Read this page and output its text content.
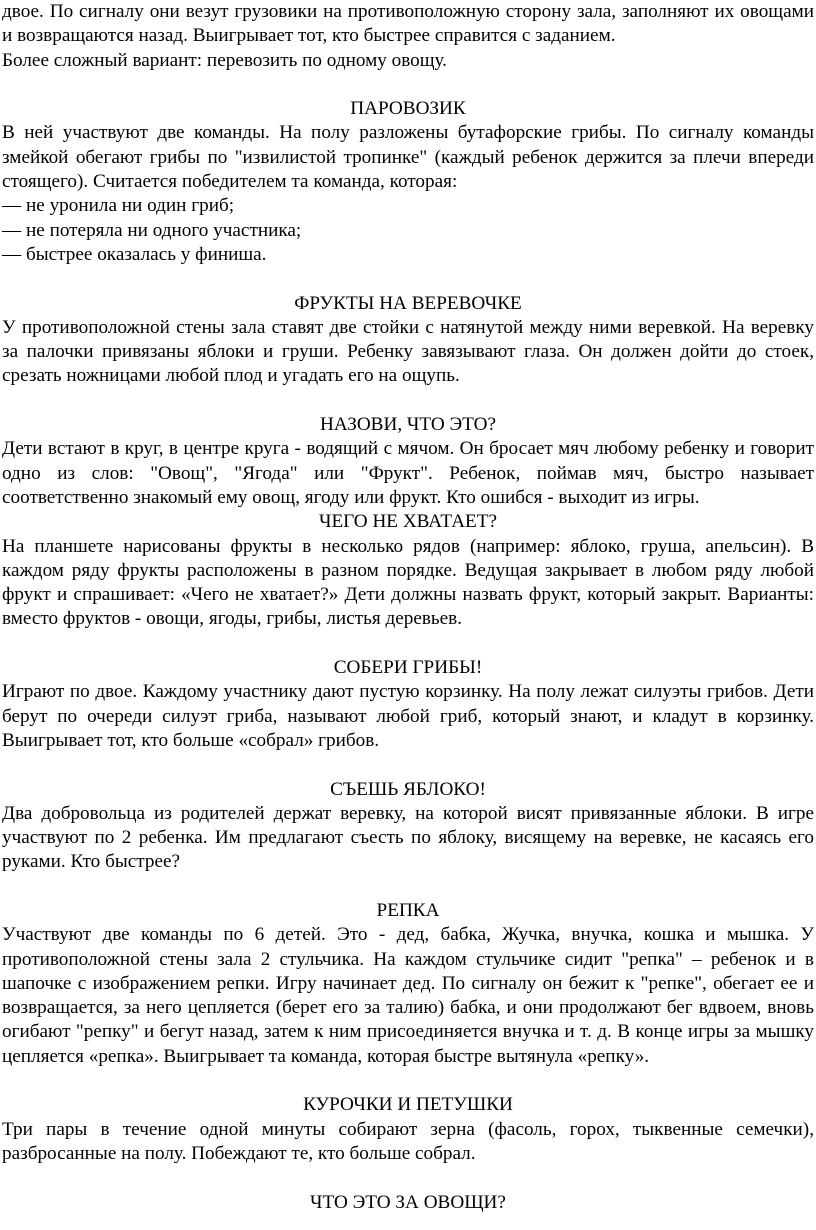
двое. По сигналу они везут грузовики на противоположную сторону зала, заполняют их овощами и возвращаются назад. Выигрывает тот, кто быстрее справится с заданием.

Более сложный вариант: перевозить по одному овощу.

ПАРОВОЗИК

В ней участвуют две команды. На полу разложены бутафорские грибы. По сигналу команды змейкой обегают грибы по "извилистой тропинке" (каждый ребенок держится за плечи впереди стоящего). Считается победителем та команда, которая:

— не уронила ни один гриб;

— не потеряла ни одного участника;

— быстрее оказалась у финиша.

ФРУКТЫ НА ВЕРЕВОЧКЕ

У противоположной стены зала ставят две стойки с натянутой между ними веревкой. На веревку за палочки привязаны яблоки и груши. Ребенку завязывают глаза. Он должен дойти до стоек, срезать ножницами любой плод и угадать его на ощупь.

НАЗОВИ, ЧТО ЭТО?

Дети встают в круг, в центре круга - водящий с мячом. Он бросает мяч любому ребенку и говорит одно из слов: "Овощ", "Ягода" или "Фрукт". Ребенок, поймав мяч, быстро называет соответственно знакомый ему овощ, ягоду или фрукт. Кто ошибся - выходит из игры.

ЧЕГО НЕ ХВАТАЕТ?

На планшете нарисованы фрукты в несколько рядов (например: яблоко, груша, апельсин). В каждом ряду фрукты расположены в разном порядке. Ведущая закрывает в любом ряду любой фрукт и спрашивает: «Чего не хватает?» Дети должны назвать фрукт, который закрыт. Варианты: вместо фруктов - овощи, ягоды, грибы, листья деревьев.

СОБЕРИ ГРИБЫ!

Играют по двое. Каждому участнику дают пустую корзинку. На полу лежат силуэты грибов. Дети берут по очереди силуэт гриба, называют любой гриб, который знают, и кладут в корзинку. Выигрывает тот, кто больше «собрал» грибов.

СЪЕШЬ ЯБЛОКО!

Два добровольца из родителей держат веревку, на которой висят привязанные яблоки. В игре участвуют по 2 ребенка. Им предлагают съесть по яблоку, висящему на веревке, не касаясь его руками. Кто быстрее?

РЕПКА

Участвуют две команды по 6 детей. Это - дед, бабка, Жучка, внучка, кошка и мышка. У противоположной стены зала 2 стульчика. На каждом стульчике сидит "репка" – ребенок и в шапочке с изображением репки. Игру начинает дед. По сигналу он бежит к "репке", обегает ее и возвращается, за него цепляется (берет его за талию) бабка, и они продолжают бег вдвоем, вновь огибают "репку" и бегут назад, затем к ним присоединяется внучка и т. д. В конце игры за мышку цепляется «репка». Выигрывает та команда, которая быстре вытянула «репку».

КУРОЧКИ И ПЕТУШКИ

Три пары в течение одной минуты собирают зерна (фасоль, горох, тыквенные семечки), разбросанные на полу. Побеждают те, кто больше собрал.

ЧТО ЭТО ЗА ОВОЩИ?
